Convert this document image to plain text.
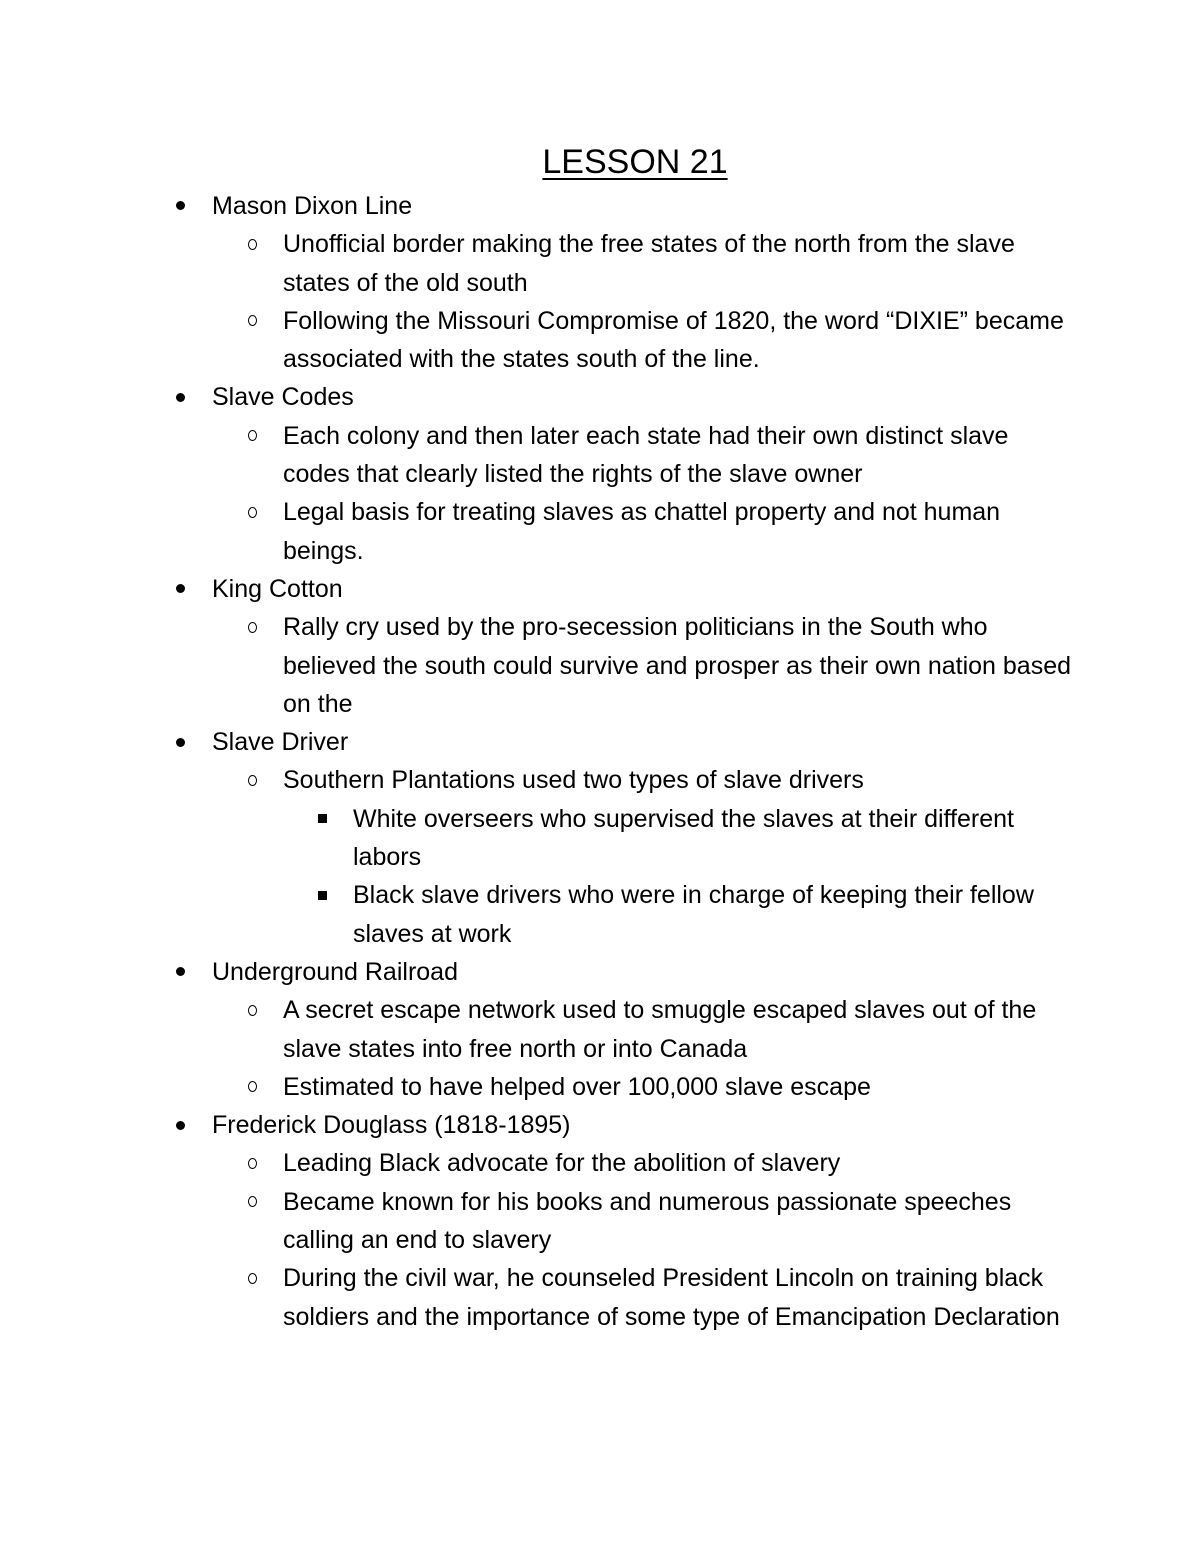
LESSON 21
Mason Dixon Line
Unofficial border making the free states of the north from the slave states of the old south
Following the Missouri Compromise of 1820, the word “DIXIE” became associated with the states south of the line.
Slave Codes
Each colony and then later each state had their own distinct slave codes that clearly listed the rights of the slave owner
Legal basis for treating slaves as chattel property and not human beings.
King Cotton
Rally cry used by the pro-secession politicians in the South who believed the south could survive and prosper as their own nation based on the
Slave Driver
Southern Plantations used two types of slave drivers
White overseers who supervised the slaves at their different labors
Black slave drivers who were in charge of keeping their fellow slaves at work
Underground Railroad
A secret escape network used to smuggle escaped slaves out of the slave states into free north or into Canada
Estimated to have helped over 100,000 slave escape
Frederick Douglass (1818-1895)
Leading Black advocate for the abolition of slavery
Became known for his books and numerous passionate speeches calling an end to slavery
During the civil war, he counseled President Lincoln on training black soldiers and the importance of some type of Emancipation Declaration
